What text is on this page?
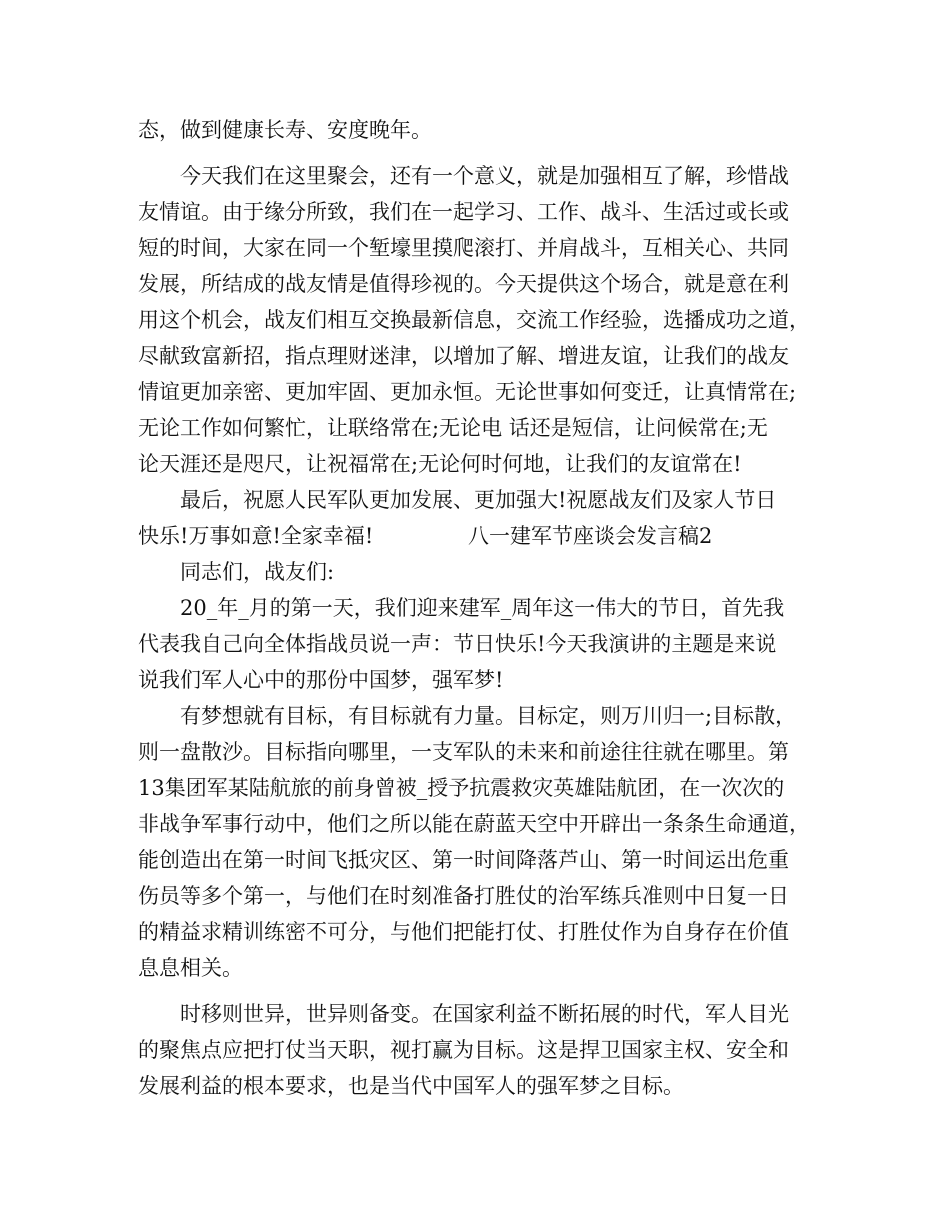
态，做到健康长寿、安度晚年。
今天我们在这里聚会，还有一个意义，就是加强相互了解，珍惜战
友情谊。由于缘分所致，我们在一起学习、工作、战斗、生活过或长或
短的时间，大家在同一个堑壕里摸爬滚打、并肩战斗，互相关心、共同
发展，所结成的战友情是值得珍视的。今天提供这个场合，就是意在利
用这个机会，战友们相互交换最新信息，交流工作经验，选播成功之道，
尽献致富新招，指点理财迷津，以增加了解、增进友谊，让我们的战友
情谊更加亲密、更加牢固、更加永恒。无论世事如何变迁，让真情常在;
无论工作如何繁忙，让联络常在;无论电 话还是短信，让问候常在;无
论天涯还是咫尺，让祝福常在;无论何时何地，让我们的友谊常在!
最后，祝愿人民军队更加发展、更加强大!祝愿战友们及家人节日
快乐!万事如意!全家幸福!	八一建军节座谈会发言稿2
同志们，战友们:
20_年_月的第一天，我们迎来建军_周年这一伟大的节日，首先我
代表我自己向全体指战员说一声：节日快乐!今天我演讲的主题是来说
说我们军人心中的那份中国梦，强军梦!
有梦想就有目标，有目标就有力量。目标定，则万川归一;目标散，
则一盘散沙。目标指向哪里，一支军队的未来和前途往往就在哪里。第
13集团军某陆航旅的前身曾被_授予抗震救灾英雄陆航团，在一次次的
非战争军事行动中，他们之所以能在蔚蓝天空中开辟出一条条生命通道，
能创造出在第一时间飞抵灾区、第一时间降落芦山、第一时间运出危重
伤员等多个第一，与他们在时刻准备打胜仗的治军练兵准则中日复一日
的精益求精训练密不可分，与他们把能打仗、打胜仗作为自身存在价值
息息相关。
时移则世异，世异则备变。在国家利益不断拓展的时代，军人目光
的聚焦点应把打仗当天职，视打赢为目标。这是捍卫国家主权、安全和
发展利益的根本要求，也是当代中国军人的强军梦之目标。
